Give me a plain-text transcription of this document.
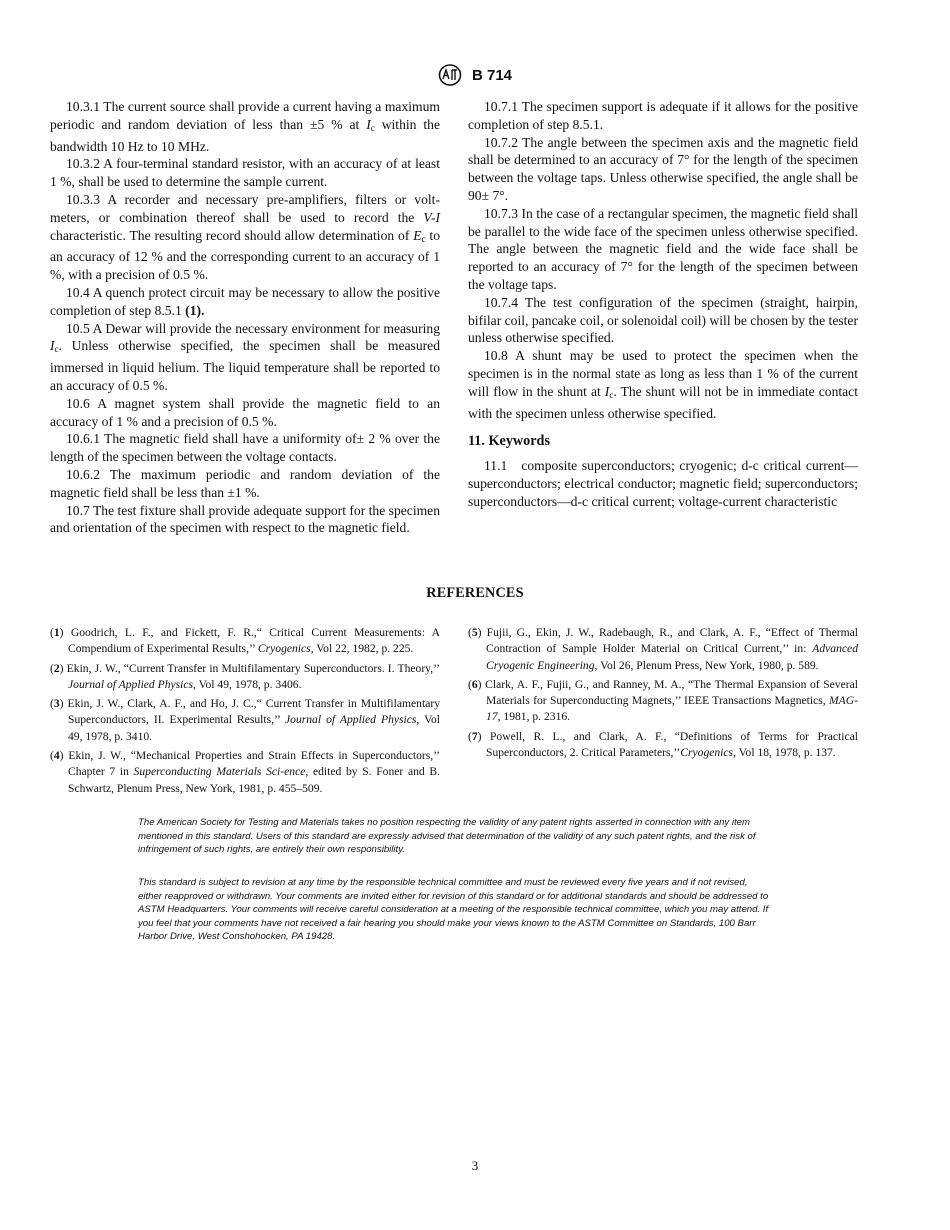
B 714

10.3.1 The current source shall provide a current having a maximum periodic and random deviation of less than ±5 % at $I_c$ within the bandwidth 10 Hz to 10 MHz.

10.3.2 A four-terminal standard resistor, with an accuracy of at least 1 %, shall be used to determine the sample current.

10.3.3 A recorder and necessary pre-amplifiers, filters or volt-meters, or combination thereof shall be used to record the V-I characteristic. The resulting record should allow determination of $E_c$ to an accuracy of 12 % and the corresponding current to an accuracy of 1 %, with a precision of 0.5 %.

10.4 A quench protect circuit may be necessary to allow the positive completion of step 8.5.1 (1).

10.5 A Dewar will provide the necessary environment for measuring $I_c$. Unless otherwise specified, the specimen shall be measured immersed in liquid helium. The liquid temperature shall be reported to an accuracy of 0.5 %.

10.6 A magnet system shall provide the magnetic field to an accuracy of 1 % and a precision of 0.5 %.

10.6.1 The magnetic field shall have a uniformity of± 2 % over the length of the specimen between the voltage contacts.

10.6.2 The maximum periodic and random deviation of the magnetic field shall be less than ±1 %.

10.7 The test fixture shall provide adequate support for the specimen and orientation of the specimen with respect to the magnetic field.

10.7.1 The specimen support is adequate if it allows for the positive completion of step 8.5.1.

10.7.2 The angle between the specimen axis and the magnetic field shall be determined to an accuracy of 7° for the length of the specimen between the voltage taps. Unless otherwise specified, the angle shall be 90± 7°.

10.7.3 In the case of a rectangular specimen, the magnetic field shall be parallel to the wide face of the specimen unless otherwise specified. The angle between the magnetic field and the wide face shall be reported to an accuracy of 7° for the length of the specimen between the voltage taps.

10.7.4 The test configuration of the specimen (straight, hairpin, bifilar coil, pancake coil, or solenoidal coil) will be chosen by the tester unless otherwise specified.

10.8 A shunt may be used to protect the specimen when the specimen is in the normal state as long as less than 1 % of the current will flow in the shunt at $I_c$. The shunt will not be in immediate contact with the specimen unless otherwise specified.

11. Keywords

11.1 composite superconductors; cryogenic; d-c critical current—superconductors; electrical conductor; magnetic field; superconductors; superconductors—d-c critical current; voltage-current characteristic

REFERENCES

(1) Goodrich, L. F., and Fickett, F. R.,“ Critical Current Measurements: A Compendium of Experimental Results,’’ Cryogenics, Vol 22, 1982, p. 225.

(2) Ekin, J. W., “Current Transfer in Multifilamentary Superconductors. I. Theory,’’ Journal of Applied Physics, Vol 49, 1978, p. 3406.

(3) Ekin, J. W., Clark, A. F., and Ho, J. C.,“ Current Transfer in Multifilamentary Superconductors, II. Experimental Results,’’ Journal of Applied Physics, Vol 49, 1978, p. 3410.

(4) Ekin, J. W., “Mechanical Properties and Strain Effects in Superconductors,’’ Chapter 7 in Superconducting Materials Sci-ence, edited by S. Foner and B. Schwartz, Plenum Press, New York, 1981, p. 455–509.

(5) Fujii, G., Ekin, J. W., Radebaugh, R., and Clark, A. F., “Effect of Thermal Contraction of Sample Holder Material on Critical Current,’’ in: Advanced Cryogenic Engineering, Vol 26, Plenum Press, New York, 1980, p. 589.

(6) Clark, A. F., Fujii, G., and Ranney, M. A., “The Thermal Expansion of Several Materials for Superconducting Magnets,’’ IEEE Transactions Magnetics, MAG-17, 1981, p. 2316.

(7) Powell, R. L., and Clark, A. F., “Definitions of Terms for Practical Superconductors, 2. Critical Parameters,’’Cryogenics, Vol 18, 1978, p. 137.

The American Society for Testing and Materials takes no position respecting the validity of any patent rights asserted in connection with any item mentioned in this standard. Users of this standard are expressly advised that determination of the validity of any such patent rights, and the risk of infringement of such rights, are entirely their own responsibility.
This standard is subject to revision at any time by the responsible technical committee and must be reviewed every five years and if not revised, either reapproved or withdrawn. Your comments are invited either for revision of this standard or for additional standards and should be addressed to ASTM Headquarters. Your comments will receive careful consideration at a meeting of the responsible technical committee, which you may attend. If you feel that your comments have not received a fair hearing you should make your views known to the ASTM Committee on Standards, 100 Barr Harbor Drive, West Conshohocken, PA 19428.
3
